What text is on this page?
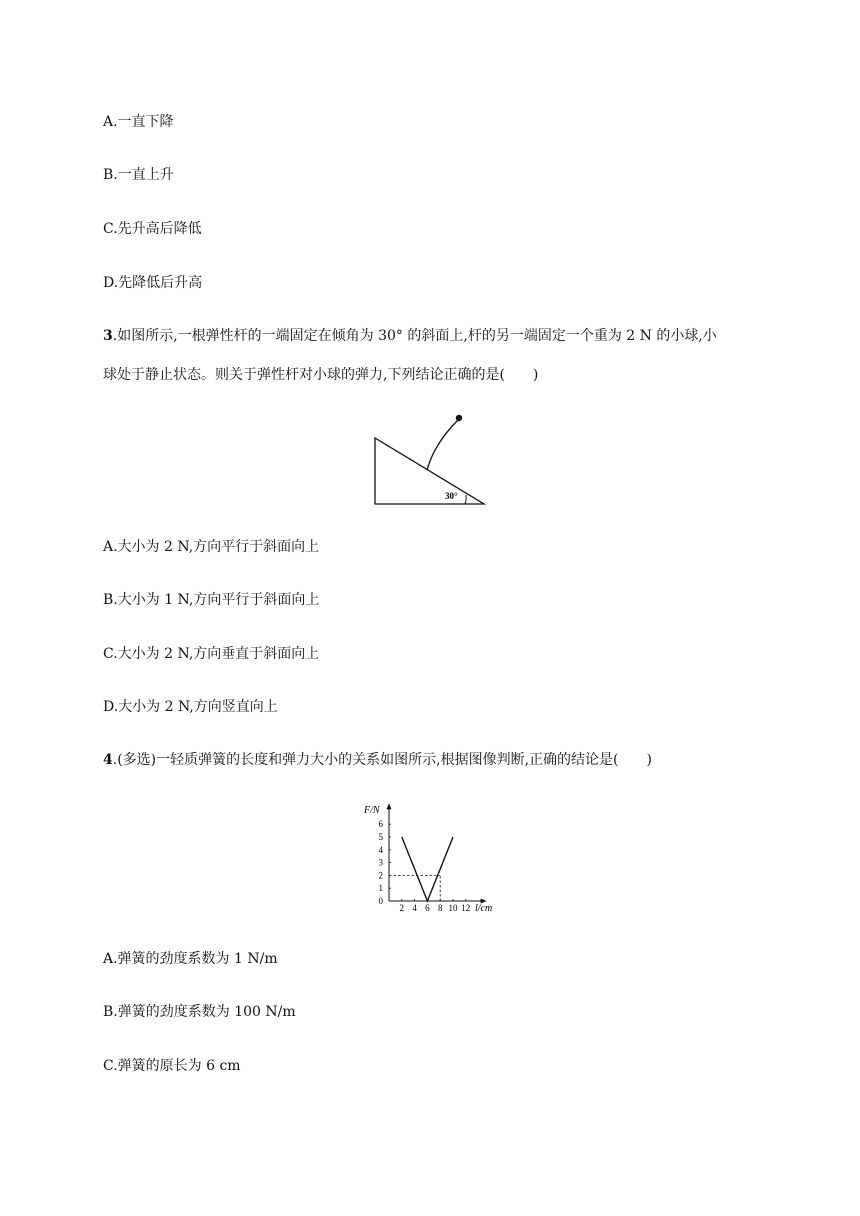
A.一直下降
B.一直上升
C.先升高后降低
D.先降低后升高
3.如图所示,一根弹性杆的一端固定在倾角为 30° 的斜面上,杆的另一端固定一个重为 2 N 的小球,小
球处于静止状态。则关于弹性杆对小球的弹力,下列结论正确的是(　　)
30°
A.大小为 2 N,方向平行于斜面向上
B.大小为 1 N,方向平行于斜面向上
C.大小为 2 N,方向垂直于斜面向上
D.大小为 2 N,方向竖直向上
4.(多选)一轻质弹簧的长度和弹力大小的关系如图所示,根据图像判断,正确的结论是(　　)
2 4 6 8 10 12
0
1
2
3
4
5
6
F/N
l/cm
A.弹簧的劲度系数为 1 N/m
B.弹簧的劲度系数为 100 N/m
C.弹簧的原长为 6 cm
